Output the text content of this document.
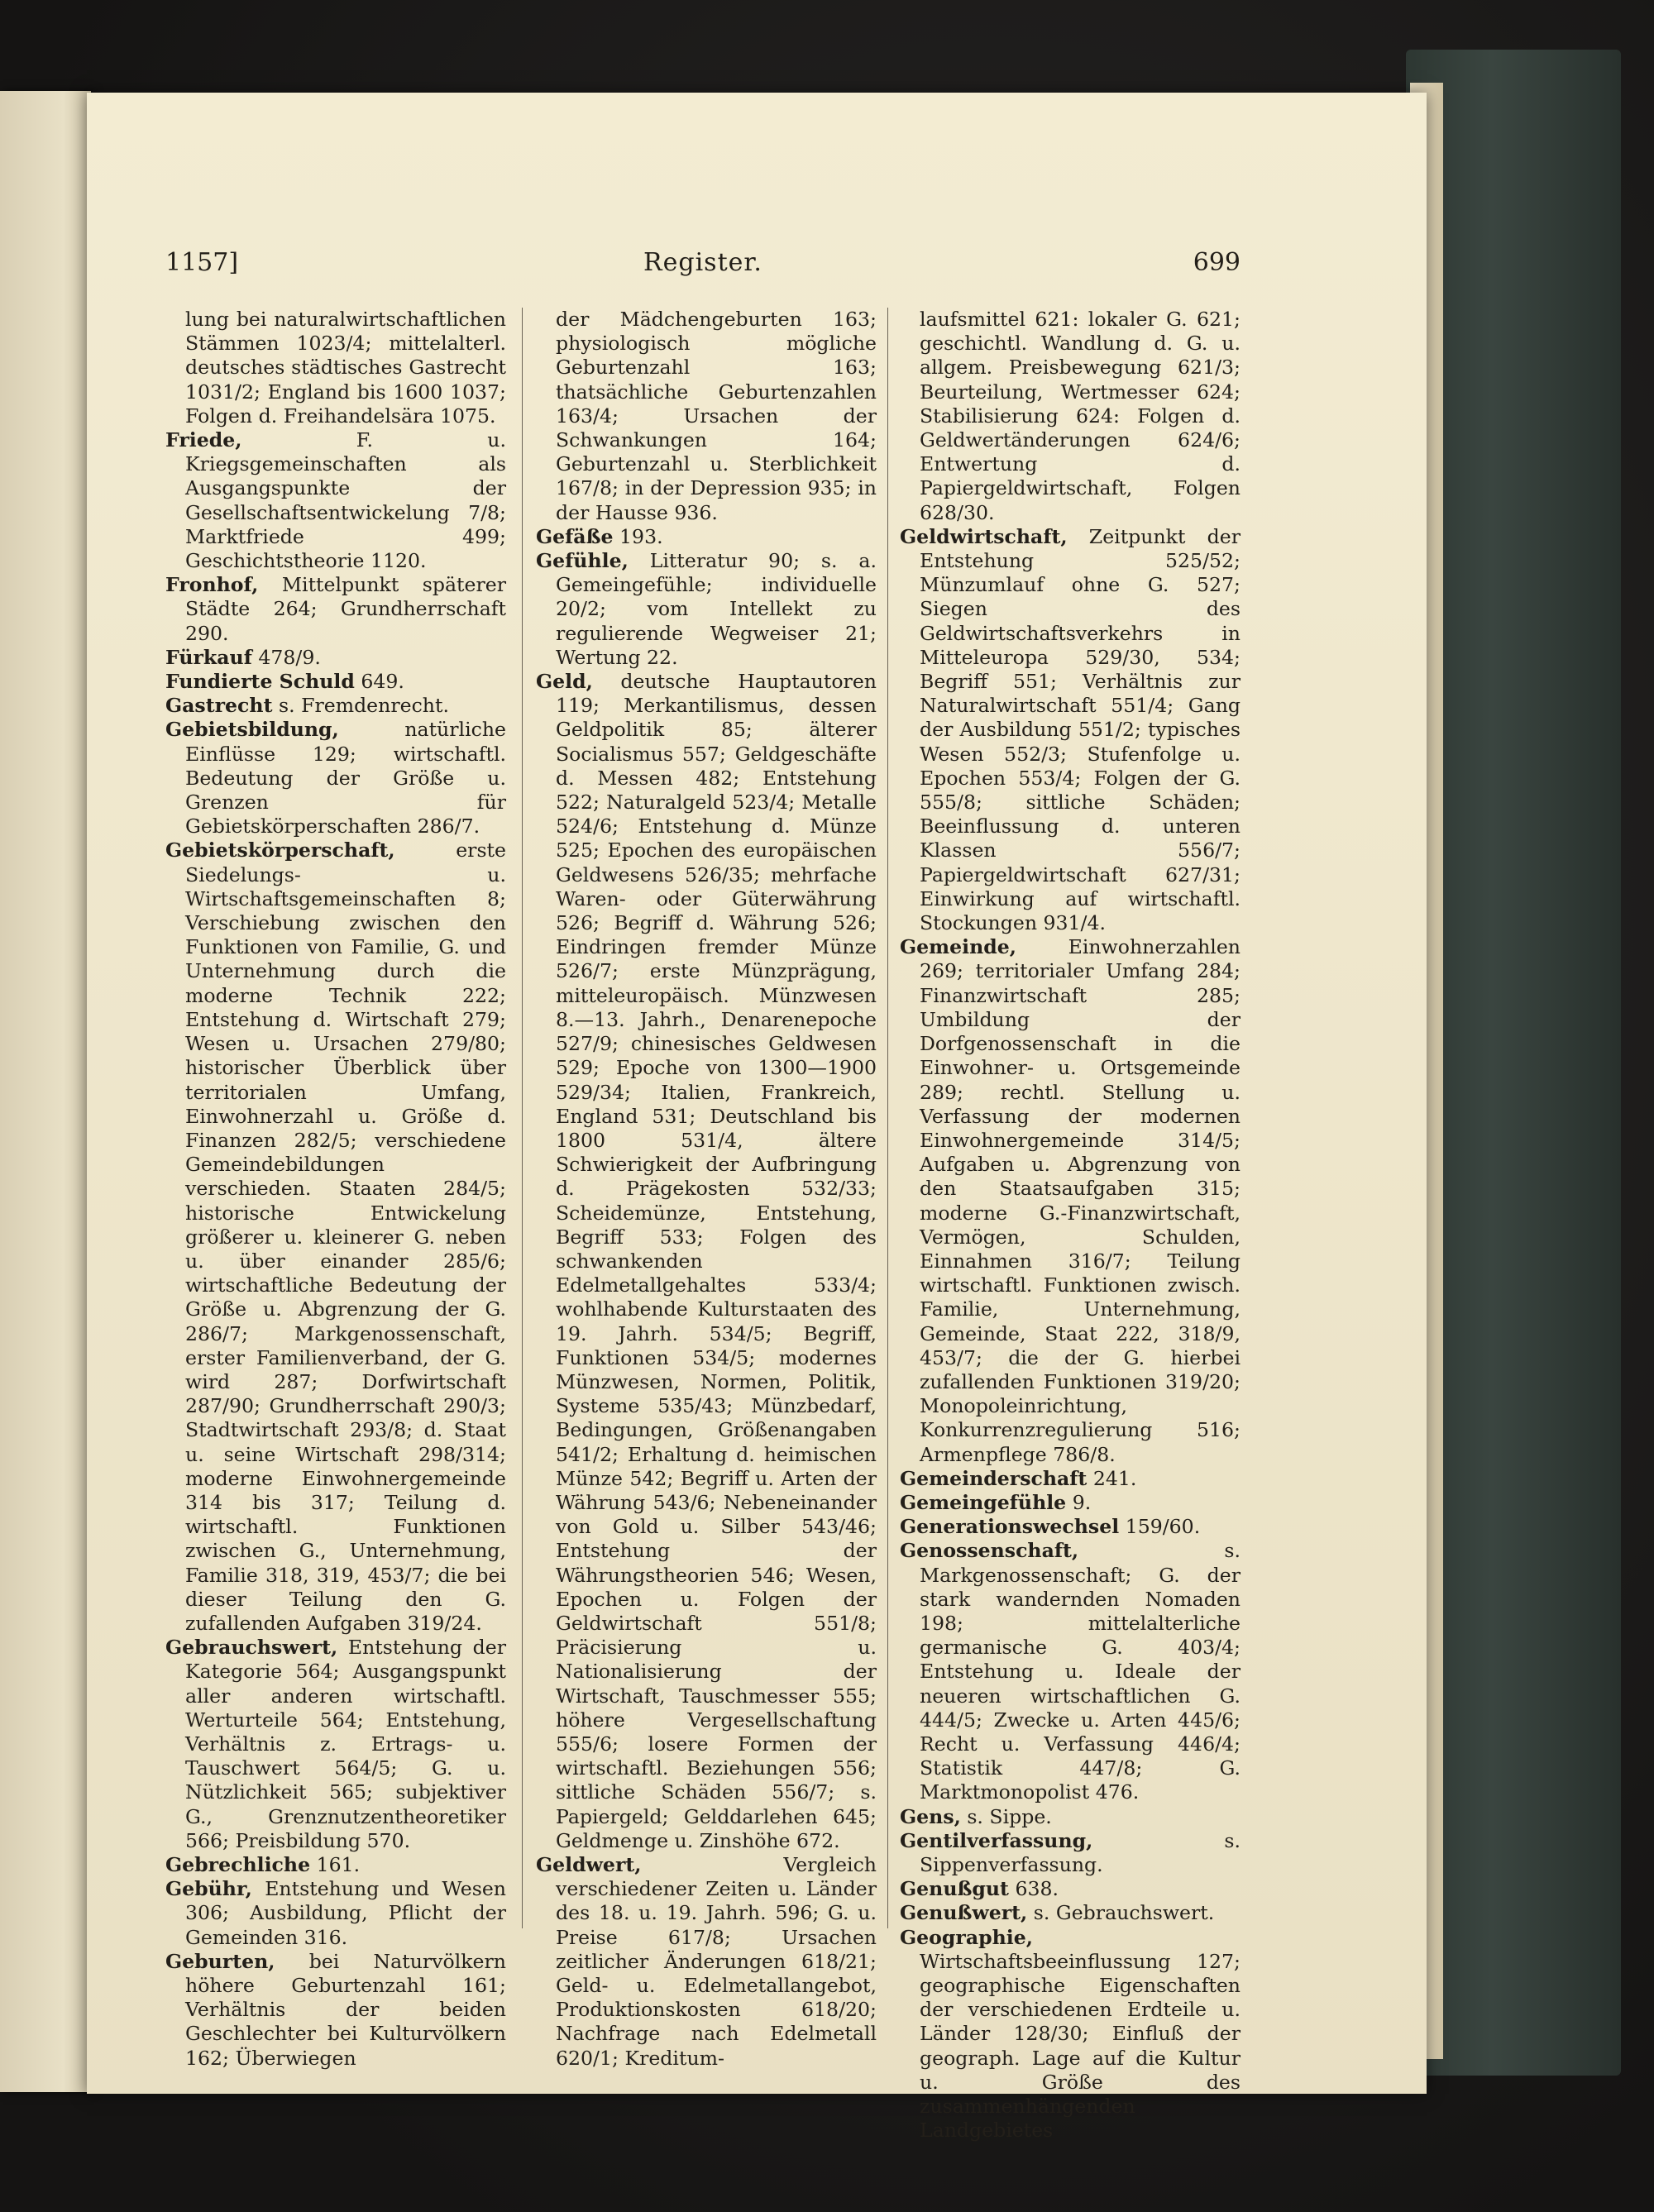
Register.
1157]	699

lung bei naturalwirtschaftlichen Stämmen 1023/4; mittelalterl. deutsches städtisches Gastrecht 1031/2; England bis 1600 1037; Folgen d. Freihandelsära 1075.

Friede,	F. u. Kriegsgemeinschaften als Ausgangspunkte der Gesellschaftsentwickelung 7/8; Marktfriede 499; Geschichtstheorie 1120.

Fronhof, Mittelpunkt späterer Städte 264; Grundherrschaft 290.

Fürkauf 478/9.

Fundierte Schuld 649.

Gastrecht s. Fremdenrecht.

Gebietsbildung,	natürliche Einflüsse 129; wirtschaftl. Bedeutung der Größe u. Grenzen für Gebietskörperschaften 286/7.

Gebietskörperschaft,	erste Siedelungs- u. Wirtschaftsgemeinschaften 8; Verschiebung zwischen den Funktionen von Familie, G. und Unternehmung durch die moderne Technik 222; Entstehung d. Wirtschaft 279; Wesen u. Ursachen 279/80; historischer Überblick über territorialen Umfang, Einwohnerzahl u. Größe d. Finanzen 282/5; verschiedene Gemeindebildungen verschieden. Staaten 284/5; historische Entwickelung größerer u. kleinerer G. neben u. über einander 285/6; wirtschaftliche Bedeutung der Größe u. Abgrenzung der G. 286/7; Markgenossenschaft, erster Familienverband, der G. wird 287; Dorfwirtschaft 287/90; Grundherrschaft 290/3; Stadtwirtschaft 293/8; d. Staat u. seine Wirtschaft 298/314; moderne Einwohnergemeinde 314 bis 317; Teilung d. wirtschaftl. Funktionen zwischen G., Unternehmung, Familie 318, 319, 453/7; die bei dieser Teilung den G. zufallenden Aufgaben 319/24.

Gebrauchswert, Entstehung der Kategorie 564; Ausgangspunkt aller anderen wirtschaftl. Werturteile 564; Entstehung, Verhältnis z. Ertrags- u. Tauschwert 564/5; G. u. Nützlichkeit 565; subjektiver G., Grenznutzentheoretiker 566; Preisbildung 570.

Gebrechliche 161.

Gebühr, Entstehung und Wesen 306; Ausbildung, Pflicht der Gemeinden 316.

Geburten, bei Naturvölkern höhere Geburtenzahl 161; Verhältnis der beiden Geschlechter bei Kulturvölkern 162; Überwiegen

der Mädchengeburten 163; physiologisch mögliche Geburtenzahl 163; thatsächliche Geburtenzahlen 163/4; Ursachen der Schwankungen 164; Geburtenzahl u. Sterblichkeit 167/8; in der Depression 935; in der Hausse 936.

Gefäße 193.

Gefühle, Litteratur 90; s. a. Gemeingefühle; individuelle 20/2; vom Intellekt zu regulierende Wegweiser 21; Wertung 22.

Geld, deutsche Hauptautoren 119; Merkantilismus, dessen Geldpolitik 85; älterer Socialismus 557; Geldgeschäfte d. Messen 482; Entstehung 522; Naturalgeld 523/4; Metalle 524/6; Entstehung d. Münze 525; Epochen des europäischen Geldwesens 526/35; mehrfache Waren- oder Güterwährung 526; Begriff d. Währung 526; Eindringen fremder Münze 526/7; erste Münzprägung, mitteleuropäisch. Münzwesen 8.—13. Jahrh., Denarenepoche 527/9; chinesisches Geldwesen 529; Epoche von 1300—1900 529/34; Italien, Frankreich, England 531; Deutschland bis 1800 531/4, ältere Schwierigkeit der Aufbringung d. Prägekosten 532/33; Scheidemünze, Entstehung, Begriff 533; Folgen des schwankenden Edelmetallgehaltes 533/4; wohlhabende Kulturstaaten des 19. Jahrh. 534/5; Begriff, Funktionen 534/5; modernes Münzwesen, Normen, Politik, Systeme 535/43; Münzbedarf, Bedingungen, Größenangaben 541/2; Erhaltung d. heimischen Münze 542; Begriff u. Arten der Währung 543/6; Nebeneinander von Gold u. Silber 543/46; Entstehung der Währungstheorien 546; Wesen, Epochen u. Folgen der Geldwirtschaft 551/8; Präcisierung u. Nationalisierung der Wirtschaft, Tauschmesser 555; höhere Vergesellschaftung 555/6; losere Formen der wirtschaftl. Beziehungen 556; sittliche Schäden 556/7; s. Papiergeld; Gelddarlehen 645; Geldmenge u. Zinshöhe 672.

Geldwert,	Vergleich verschiedener Zeiten u. Länder des 18. u. 19. Jahrh. 596; G. u. Preise 617/8; Ursachen zeitlicher Änderungen 618/21; Geld- u. Edelmetallangebot, Produktionskosten 618/20; Nachfrage nach Edelmetall 620/1; Kreditum-

laufsmittel 621: lokaler G. 621; geschichtl. Wandlung d. G. u. allgem. Preisbewegung 621/3; Beurteilung, Wertmesser 624; Stabilisierung 624: Folgen d. Geldwertänderungen 624/6; Entwertung d. Papiergeldwirtschaft, Folgen 628/30.

Geldwirtschaft, Zeitpunkt der Entstehung 525/52; Münzumlauf ohne G. 527; Siegen des Geldwirtschaftsverkehrs in Mitteleuropa 529/30, 534; Begriff 551; Verhältnis zur Naturalwirtschaft 551/4; Gang der Ausbildung 551/2; typisches Wesen 552/3; Stufenfolge u. Epochen 553/4; Folgen der G. 555/8; sittliche Schäden; Beeinflussung d. unteren Klassen 556/7; Papiergeldwirtschaft 627/31; Einwirkung auf wirtschaftl. Stockungen 931/4.

Gemeinde,	Einwohnerzahlen 269; territorialer Umfang 284; Finanzwirtschaft 285; Umbildung der Dorfgenossenschaft in die Einwohner- u. Ortsgemeinde 289; rechtl. Stellung u. Verfassung der modernen Einwohnergemeinde 314/5; Aufgaben u. Abgrenzung von den Staatsaufgaben 315; moderne G.-Finanzwirtschaft, Vermögen, Schulden, Einnahmen 316/7; Teilung wirtschaftl. Funktionen zwisch. Familie, Unternehmung, Gemeinde, Staat 222, 318/9, 453/7; die der G. hierbei zufallenden Funktionen 319/20; Monopoleinrichtung, Konkurrenzregulierung 516; Armenpflege 786/8.

Gemeinderschaft 241.

Gemeingefühle 9.

Generationswechsel 159/60.

Genossenschaft,	s. Markgenossenschaft; G. der stark wandernden Nomaden 198; mittelalterliche germanische G. 403/4; Entstehung u. Ideale der neueren wirtschaftlichen G. 444/5; Zwecke u. Arten 445/6; Recht u. Verfassung 446/4; Statistik 447/8; G. Marktmonopolist 476.

Gens, s. Sippe.

Gentilverfassung,	s. Sippenverfassung.

Genußgut 638.

Genußwert, s. Gebrauchswert.

Geographie, Wirtschaftsbeeinflussung 127; geographische Eigenschaften der verschiedenen Erdteile u. Länder 128/30; Einfluß der geograph. Lage auf die Kultur u. Größe des zusammenhängenden Landgebietes
